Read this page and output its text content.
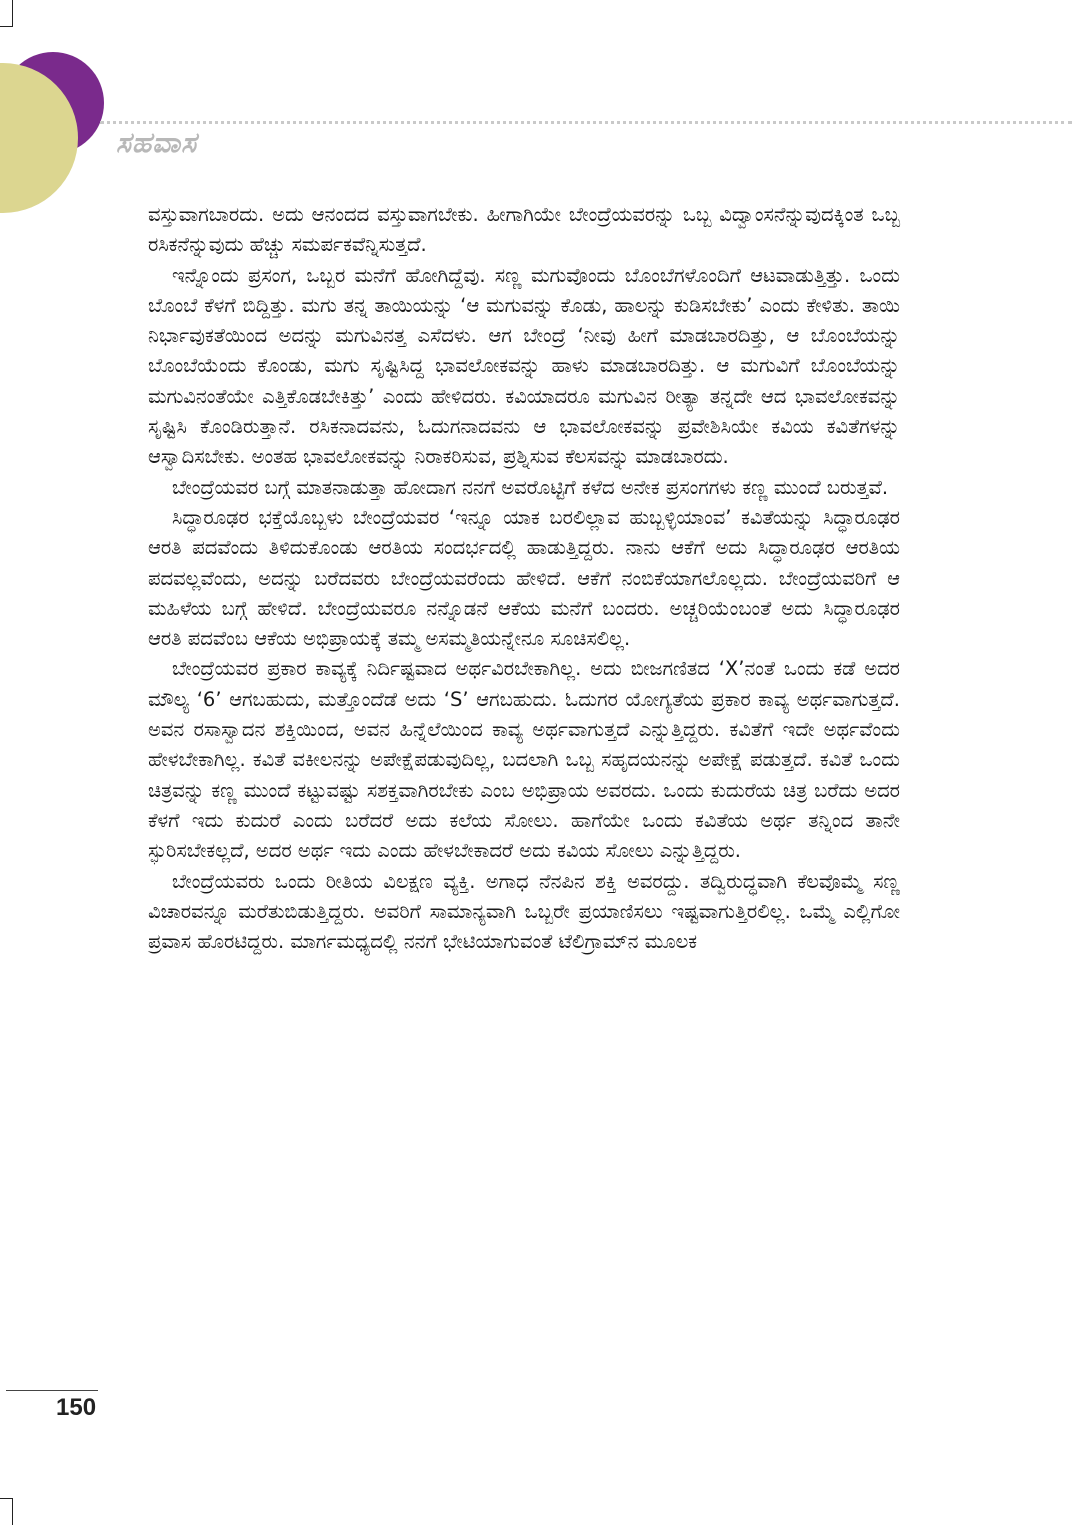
ಸಹವಾಸ

ವಸ್ತುವಾಗಬಾರದು. ಅದು ಆನಂದದ ವಸ್ತುವಾಗಬೇಕು. ಹೀಗಾಗಿಯೇ ಬೇಂದ್ರೆಯವರನ್ನು ಒಬ್ಬ ವಿದ್ವಾಂಸನೆನ್ನುವುದಕ್ಕಿಂತ ಒಬ್ಬ ರಸಿಕನೆನ್ನುವುದು ಹೆಚ್ಚು ಸಮರ್ಪಕವೆನ್ನಿಸುತ್ತದೆ.

ಇನ್ನೊಂದು ಪ್ರಸಂಗ, ಒಬ್ಬರ ಮನೆಗೆ ಹೋಗಿದ್ದೆವು. ಸಣ್ಣ ಮಗುವೊಂದು ಬೊಂಬೆಗಳೊಂದಿಗೆ ಆಟವಾಡುತ್ತಿತ್ತು. ಒಂದು ಬೊಂಬೆ ಕೆಳಗೆ ಬಿದ್ದಿತ್ತು. ಮಗು ತನ್ನ ತಾಯಿಯನ್ನು ‘ಆ ಮಗುವನ್ನು ಕೊಡು, ಹಾಲನ್ನು ಕುಡಿಸಬೇಕು’ ಎಂದು ಕೇಳಿತು. ತಾಯಿ ನಿರ್ಭಾವುಕತೆಯಿಂದ ಅದನ್ನು ಮಗುವಿನತ್ತ ಎಸೆದಳು. ಆಗ ಬೇಂದ್ರೆ ‘ನೀವು ಹೀಗೆ ಮಾಡಬಾರದಿತ್ತು, ಆ ಬೊಂಬೆಯನ್ನು ಬೊಂಬೆಯೆಂದು ಕೊಂಡು, ಮಗು ಸೃಷ್ಟಿಸಿದ್ದ ಭಾವಲೋಕವನ್ನು ಹಾಳು ಮಾಡಬಾರದಿತ್ತು. ಆ ಮಗುವಿಗೆ ಬೊಂಬೆಯನ್ನು ಮಗುವಿನಂತೆಯೇ ಎತ್ತಿಕೊಡಬೇಕಿತ್ತು’ ಎಂದು ಹೇಳಿದರು. ಕವಿಯಾದರೂ ಮಗುವಿನ ರೀತ್ಯಾ ತನ್ನದೇ ಆದ ಭಾವಲೋಕವನ್ನು ಸೃಷ್ಟಿಸಿ ಕೊಂಡಿರುತ್ತಾನೆ. ರಸಿಕನಾದವನು, ಓದುಗನಾದವನು ಆ ಭಾವಲೋಕವನ್ನು ಪ್ರವೇಶಿಸಿಯೇ ಕವಿಯ ಕವಿತೆಗಳನ್ನು ಆಸ್ವಾದಿಸಬೇಕು. ಅಂತಹ ಭಾವಲೋಕವನ್ನು ನಿರಾಕರಿಸುವ, ಪ್ರಶ್ನಿಸುವ ಕೆಲಸವನ್ನು ಮಾಡಬಾರದು.

ಬೇಂದ್ರೆಯವರ ಬಗ್ಗೆ ಮಾತನಾಡುತ್ತಾ ಹೋದಾಗ ನನಗೆ ಅವರೊಟ್ಟಿಗೆ ಕಳೆದ ಅನೇಕ ಪ್ರಸಂಗಗಳು ಕಣ್ಣ ಮುಂದೆ ಬರುತ್ತವೆ.

ಸಿದ್ಧಾರೂಢರ ಭಕ್ತೆಯೊಬ್ಬಳು ಬೇಂದ್ರೆಯವರ ‘ಇನ್ನೂ ಯಾಕ ಬರಲಿಲ್ಲಾವ ಹುಬ್ಬಳ್ಳಿಯಾಂವ’ ಕವಿತೆಯನ್ನು ಸಿದ್ಧಾರೂಢರ ಆರತಿ ಪದವೆಂದು ತಿಳಿದುಕೊಂಡು ಆರತಿಯ ಸಂದರ್ಭದಲ್ಲಿ ಹಾಡುತ್ತಿದ್ದರು. ನಾನು ಆಕೆಗೆ ಅದು ಸಿದ್ಧಾರೂಢರ ಆರತಿಯ ಪದವಲ್ಲವೆಂದು, ಅದನ್ನು ಬರೆದವರು ಬೇಂದ್ರೆಯವರೆಂದು ಹೇಳಿದೆ. ಆಕೆಗೆ ನಂಬಿಕೆಯಾಗಲೊಲ್ಲದು. ಬೇಂದ್ರೆಯವರಿಗೆ ಆ ಮಹಿಳೆಯ ಬಗ್ಗೆ ಹೇಳಿದೆ. ಬೇಂದ್ರೆಯವರೂ ನನ್ನೊಡನೆ ಆಕೆಯ ಮನೆಗೆ ಬಂದರು. ಅಚ್ಚರಿಯೆಂಬಂತೆ ಅದು ಸಿದ್ಧಾರೂಢರ ಆರತಿ ಪದವೆಂಬ ಆಕೆಯ ಅಭಿಪ್ರಾಯಕ್ಕೆ ತಮ್ಮ ಅಸಮ್ಮತಿಯನ್ನೇನೂ ಸೂಚಿಸಲಿಲ್ಲ.

ಬೇಂದ್ರೆಯವರ ಪ್ರಕಾರ ಕಾವ್ಯಕ್ಕೆ ನಿರ್ದಿಷ್ಟವಾದ ಅರ್ಥವಿರಬೇಕಾಗಿಲ್ಲ. ಅದು ಬೀಜಗಣಿತದ ‘X’ನಂತೆ ಒಂದು ಕಡೆ ಅದರ ಮೌಲ್ಯ ‘6’ ಆಗಬಹುದು, ಮತ್ತೊಂದೆಡೆ ಅದು ‘S’ ಆಗಬಹುದು. ಓದುಗರ ಯೋಗ್ಯತೆಯ ಪ್ರಕಾರ ಕಾವ್ಯ ಅರ್ಥವಾಗುತ್ತದೆ. ಅವನ ರಸಾಸ್ವಾದನ ಶಕ್ತಿಯಿಂದ, ಅವನ ಹಿನ್ನೆಲೆಯಿಂದ ಕಾವ್ಯ ಅರ್ಥವಾಗುತ್ತದೆ ಎನ್ನುತ್ತಿದ್ದರು. ಕವಿತೆಗೆ ಇದೇ ಅರ್ಥವೆಂದು ಹೇಳಬೇಕಾಗಿಲ್ಲ. ಕವಿತೆ ವಕೀಲನನ್ನು ಅಪೇಕ್ಷೆಪಡುವುದಿಲ್ಲ, ಬದಲಾಗಿ ಒಬ್ಬ ಸಹೃದಯನನ್ನು ಅಪೇಕ್ಷೆ ಪಡುತ್ತದೆ. ಕವಿತೆ ಒಂದು ಚಿತ್ರವನ್ನು ಕಣ್ಣ ಮುಂದೆ ಕಟ್ಟುವಷ್ಟು ಸಶಕ್ತವಾಗಿರಬೇಕು ಎಂಬ ಅಭಿಪ್ರಾಯ ಅವರದು. ಒಂದು ಕುದುರೆಯ ಚಿತ್ರ ಬರೆದು ಅದರ ಕೆಳಗೆ ಇದು ಕುದುರೆ ಎಂದು ಬರೆದರೆ ಅದು ಕಲೆಯ ಸೋಲು. ಹಾಗೆಯೇ ಒಂದು ಕವಿತೆಯ ಅರ್ಥ ತನ್ನಿಂದ ತಾನೇ ಸ್ಫುರಿಸಬೇಕಲ್ಲದೆ, ಅದರ ಅರ್ಥ ಇದು ಎಂದು ಹೇಳಬೇಕಾದರೆ ಅದು ಕವಿಯ ಸೋಲು ಎನ್ನುತ್ತಿದ್ದರು.

ಬೇಂದ್ರೆಯವರು ಒಂದು ರೀತಿಯ ವಿಲಕ್ಷಣ ವ್ಯಕ್ತಿ. ಅಗಾಧ ನೆನಪಿನ ಶಕ್ತಿ ಅವರದ್ದು. ತದ್ವಿರುದ್ಧವಾಗಿ ಕೆಲವೊಮ್ಮೆ ಸಣ್ಣ ವಿಚಾರವನ್ನೂ ಮರೆತುಬಿಡುತ್ತಿದ್ದರು. ಅವರಿಗೆ ಸಾಮಾನ್ಯವಾಗಿ ಒಬ್ಬರೇ ಪ್ರಯಾಣಿಸಲು ಇಷ್ಟವಾಗುತ್ತಿರಲಿಲ್ಲ. ಒಮ್ಮೆ ಎಲ್ಲಿಗೋ ಪ್ರವಾಸ ಹೊರಟಿದ್ದರು. ಮಾರ್ಗಮಧ್ಯದಲ್ಲಿ ನನಗೆ ಭೇಟಿಯಾಗುವಂತೆ ಟೆಲಿಗ್ರಾಮ್‌ನ ಮೂಲಕ

150
